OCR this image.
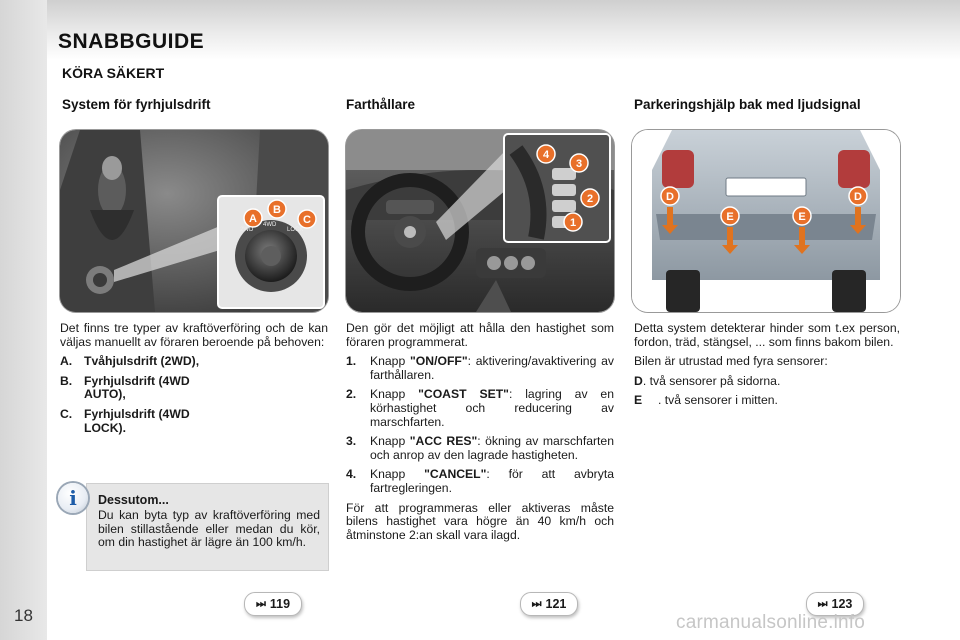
18
SNABBGUIDE
KÖRA SÄKERT
System för fyrhjulsdrift	Farthållare	Parkeringshjälp bak med ljudsignal
2WD
4WD
LOCK
A
B
C
4
3
2
1
D
E	E
D

Det finns tre typer av kraftöverföring och de kan väljas manuellt av föraren beroende på behoven:

A. Tvåhjulsdrift (2WD),
B. Fyrhjulsdrift (4WD AUTO),
C. Fyrhjulsdrift (4WD LOCK).
i	Dessutom...
Du kan byta typ av kraftöverföring med bilen stillastående eller medan du kör, om din hastighet är lägre än 100 km/h.

Den gör det möjligt att hålla den hastighet som föraren programmerat.

1.	Knapp "ON/OFF": aktivering/avaktivering av farthållaren.
2.	Knapp "COAST SET": lagring av en körhastighet och reducering av marschfarten.
3.	Knapp "ACC RES": ökning av marschfarten och anrop av den lagrade hastigheten.
4.	Knapp "CANCEL": för att avbryta fartregleringen.

För att programmeras eller aktiveras måste bilens hastighet vara högre än 40 km/h och åtminstone 2:an skall vara ilagd.

Detta system detekterar hinder som t.ex person, fordon, träd, stängsel, ... som finns bakom bilen.

Bilen är utrustad med fyra sensorer:

D . två sensorer på sidorna.
E	. två sensorer i mitten.
⏭ 119	⏭ 121	⏭ 123
carmanualsonline.info
